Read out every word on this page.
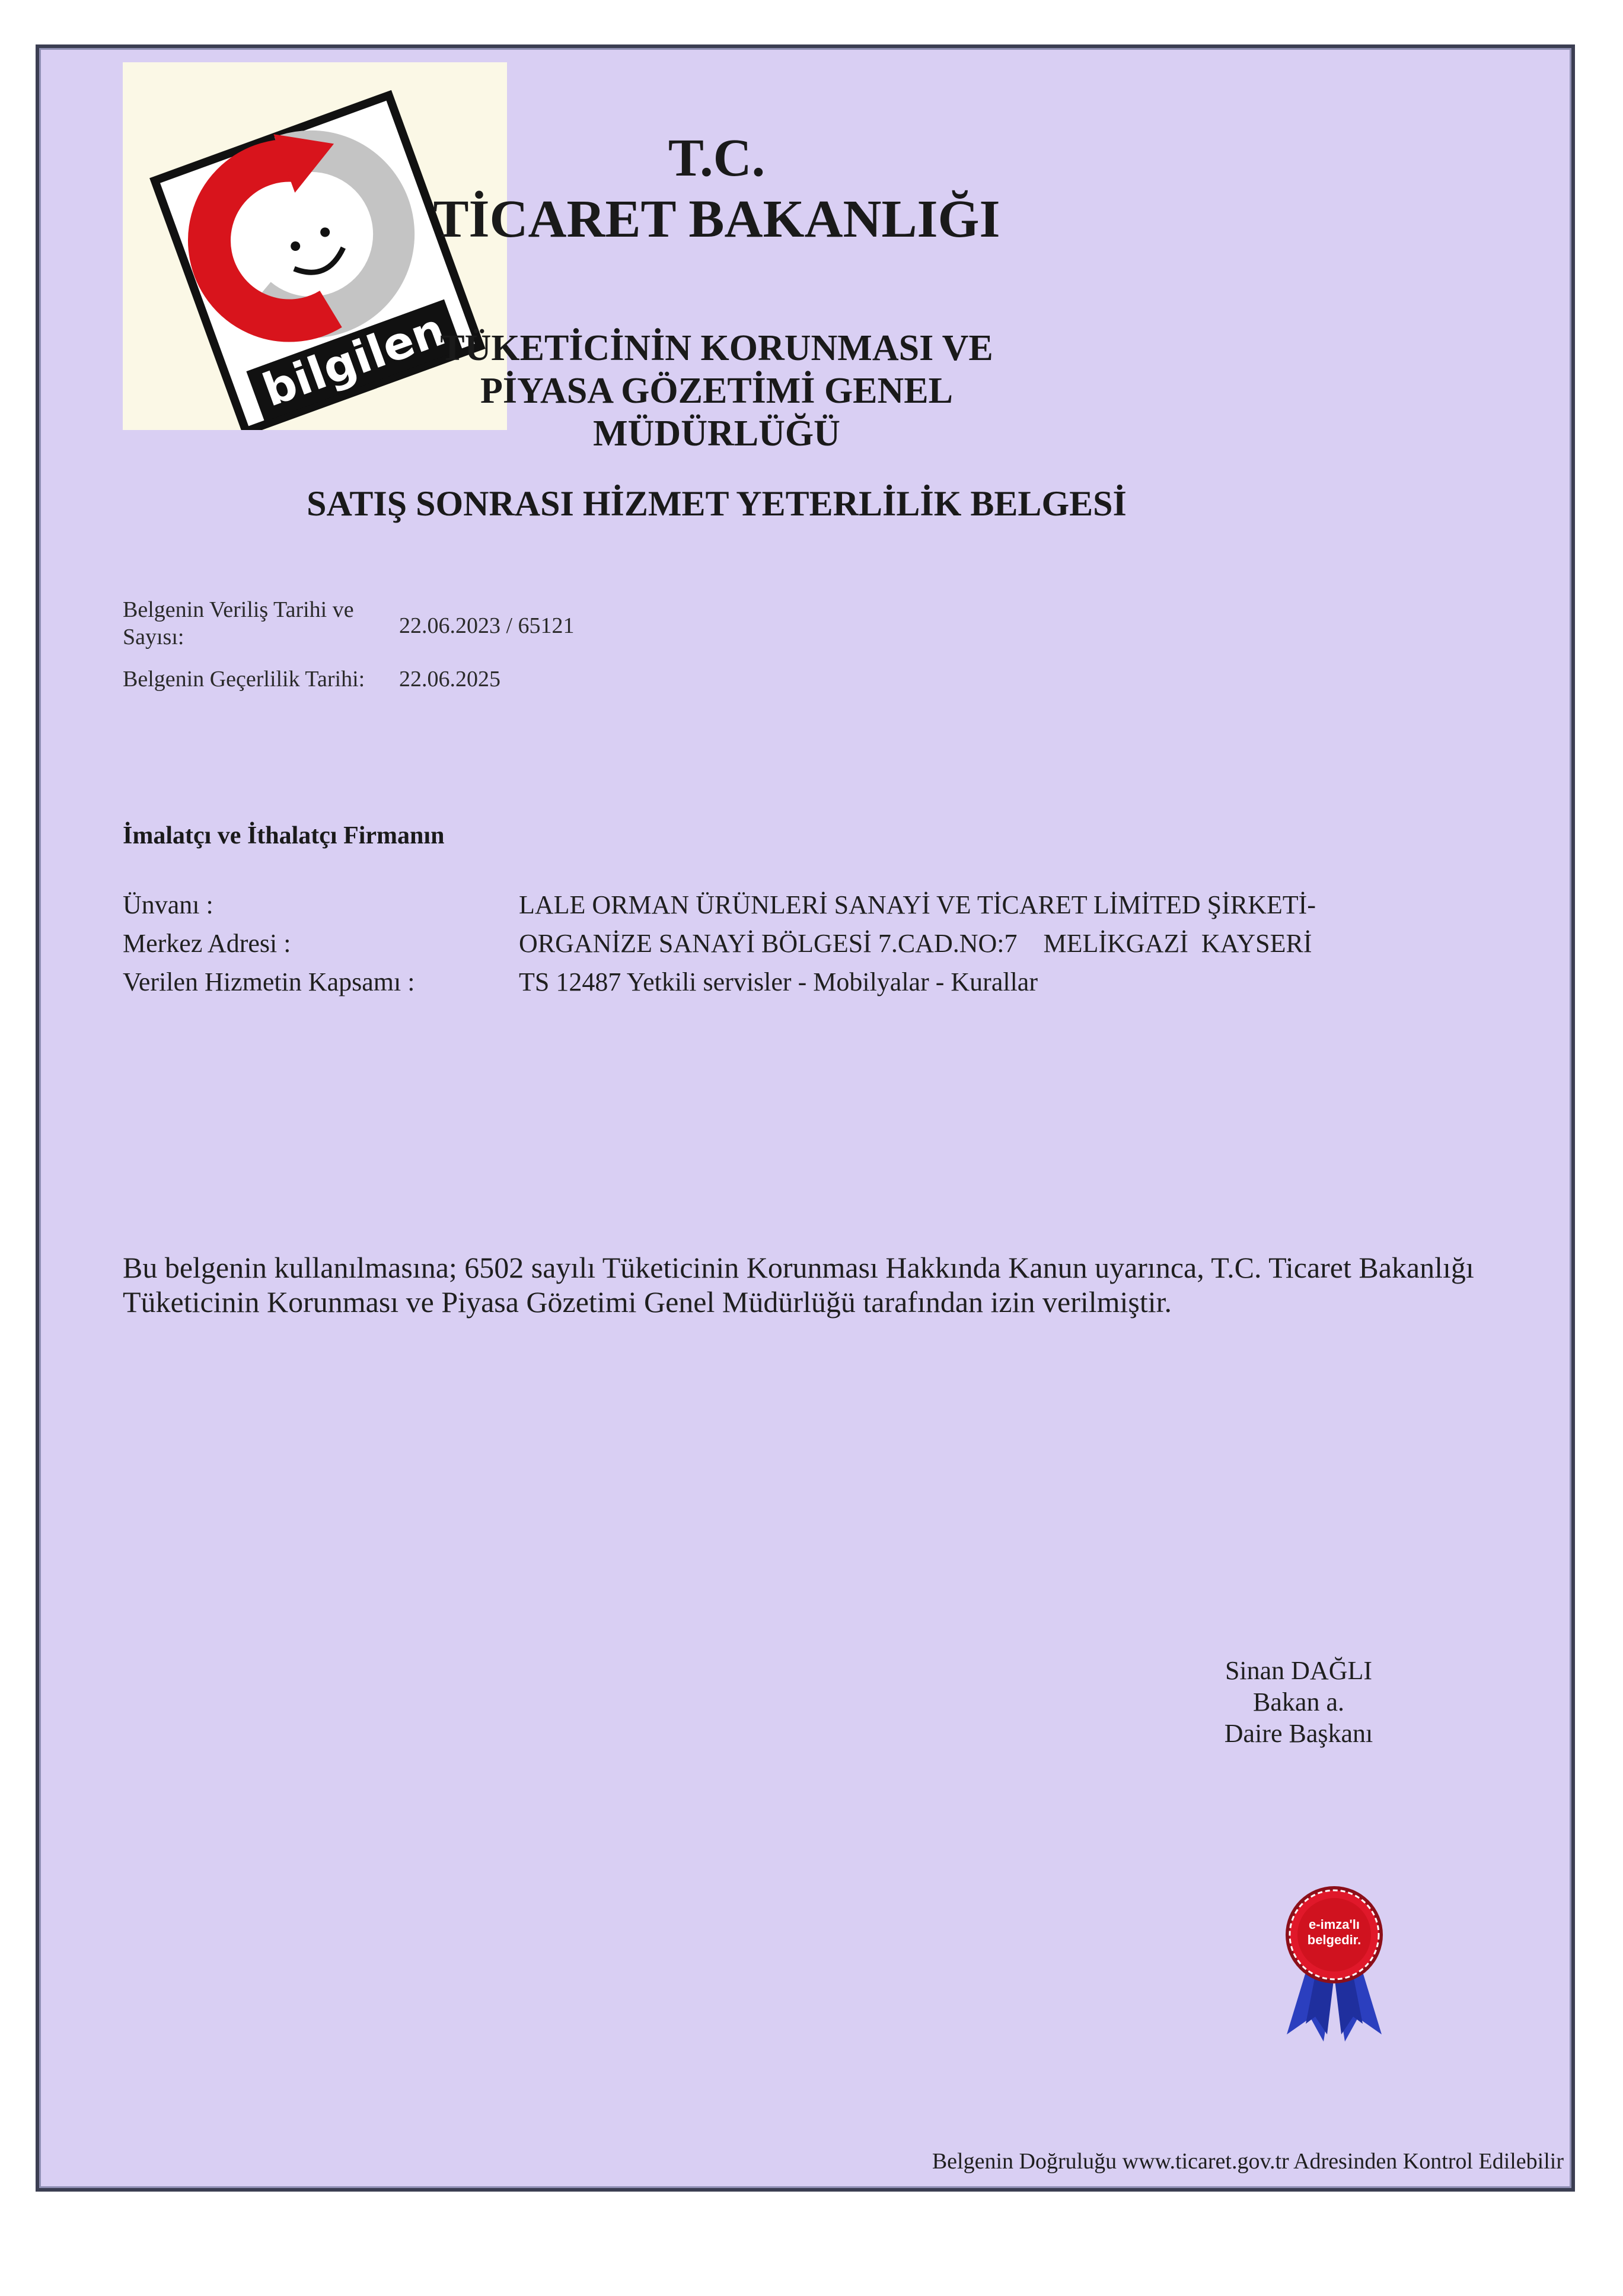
bilgilen
T.C.
TİCARET BAKANLIĞI
TÜKETİCİNİN KORUNMASI VE
PİYASA GÖZETİMİ GENEL
MÜDÜRLÜĞÜ
SATIŞ SONRASI HİZMET YETERLİLİK BELGESİ
Belgenin Veriliş Tarihi ve Sayısı:	22.06.2023 / 65121
Belgenin Geçerlilik Tarihi: 22.06.2025
İmalatçı ve İthalatçı Firmanın
Ünvanı :	LALE ORMAN ÜRÜNLERİ SANAYİ VE TİCARET LİMİTED ŞİRKETİ-
Merkez Adresi :	ORGANİZE SANAYİ BÖLGESİ 7.CAD.NO:7    MELİKGAZİ  KAYSERİ
Verilen Hizmetin Kapsamı :	TS 12487 Yetkili servisler - Mobilyalar - Kurallar
Bu belgenin kullanılmasına; 6502 sayılı Tüketicinin Korunması Hakkında Kanun uyarınca, T.C. Ticaret Bakanlığı Tüketicinin Korunması ve Piyasa Gözetimi Genel Müdürlüğü tarafından izin verilmiştir.
Sinan DAĞLI
Bakan a.
Daire Başkanı
e-imza'lı
belgedir.
Belgenin Doğruluğu www.ticaret.gov.tr Adresinden Kontrol Edilebilir
